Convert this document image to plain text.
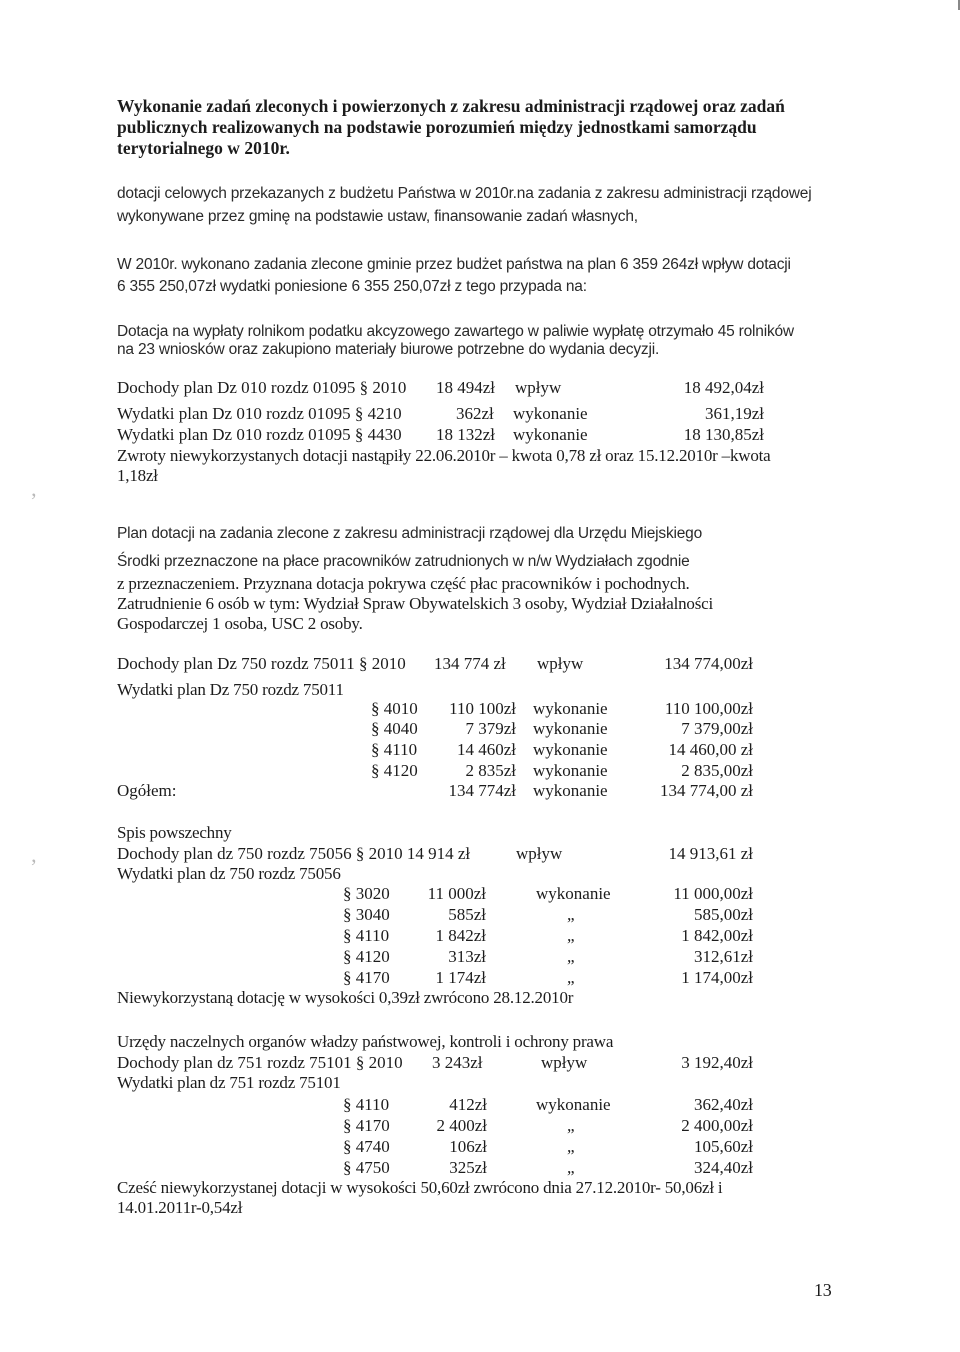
Wykonanie zadań zleconych i powierzonych z zakresu administracji rządowej oraz zadań
publicznych realizowanych na podstawie porozumień między jednostkami samorządu
terytorialnego w 2010r.
dotacji celowych przekazanych z budżetu Państwa w 2010r.na zadania z zakresu administracji rządowej
wykonywane przez gminę na podstawie ustaw, finansowanie zadań własnych,
W 2010r. wykonano zadania zlecone gminie przez budżet państwa na plan 6 359 264zł wpływ dotacji
6 355 250,07zł wydatki poniesione 6 355 250,07zł z tego przypada na:
Dotacja na wypłaty rolnikom podatku akcyzowego zawartego w paliwie wypłatę otrzymało 45 rolników
na 23 wniosków oraz zakupiono materiały biurowe potrzebne do wydania decyzji.
Dochody plan Dz 010 rozdz 01095 § 2010 18 494zł wpływ	18 492,04zł
Wydatki plan Dz 010 rozdz 01095 § 4210	362zł wykonanie	361,19zł
Wydatki plan Dz 010 rozdz 01095 § 4430 18 132zł wykonanie	18 130,85zł
Zwroty niewykorzystanych dotacji nastąpiły 22.06.2010r – kwota 0,78 zł oraz 15.12.2010r –kwota
1,18zł
’
Plan dotacji na zadania zlecone z zakresu administracji rządowej dla Urzędu Miejskiego
Środki przeznaczone na płace pracowników zatrudnionych w n/w Wydziałach zgodnie
z przeznaczeniem. Przyznana dotacja pokrywa część płac pracowników i pochodnych.
Zatrudnienie 6 osób w tym: Wydział Spraw Obywatelskich 3 osoby, Wydział Działalności
Gospodarczej 1 osoba, USC 2 osoby.
Dochody plan Dz 750 rozdz 75011 § 2010 134 774 zł wpływ	134 774,00zł
Wydatki plan Dz 750 rozdz 75011
§ 4010	110 100zł wykonanie	110 100,00zł
§ 4040	7 379zł wykonanie	7 379,00zł
§ 4110	14 460zł wykonanie	14 460,00 zł
§ 4120	2 835zł wykonanie	2 835,00zł
Ogółem:	134 774zł wykonanie	134 774,00 zł
Spis powszechny
Dochody plan dz 750 rozdz 75056 § 2010 14 914 zł	wpływ	14 913,61 zł
Wydatki plan dz 750 rozdz 75056
’
§ 3020	11 000zł	wykonanie	11 000,00zł
§ 3040	585zł	„	585,00zł
§ 4110	1 842zł	„	1 842,00zł
§ 4120	313zł	„	312,61zł
§ 4170	1 174zł	„	1 174,00zł
Niewykorzystaną dotację w wysokości 0,39zł zwrócono 28.12.2010r
Urzędy naczelnych organów władzy państwowej, kontroli i ochrony prawa
Dochody plan dz 751 rozdz 75101 § 2010 3 243zł	wpływ	3 192,40zł
Wydatki plan dz 751 rozdz 75101
§ 4110	412zł	wykonanie	362,40zł
§ 4170	2 400zł	„	2 400,00zł
§ 4740	106zł	„	105,60zł
§ 4750	325zł	„	324,40zł
Cześć niewykorzystanej dotacji w wysokości 50,60zł zwrócono dnia 27.12.2010r- 50,06zł i
14.01.2011r-0,54zł
13
